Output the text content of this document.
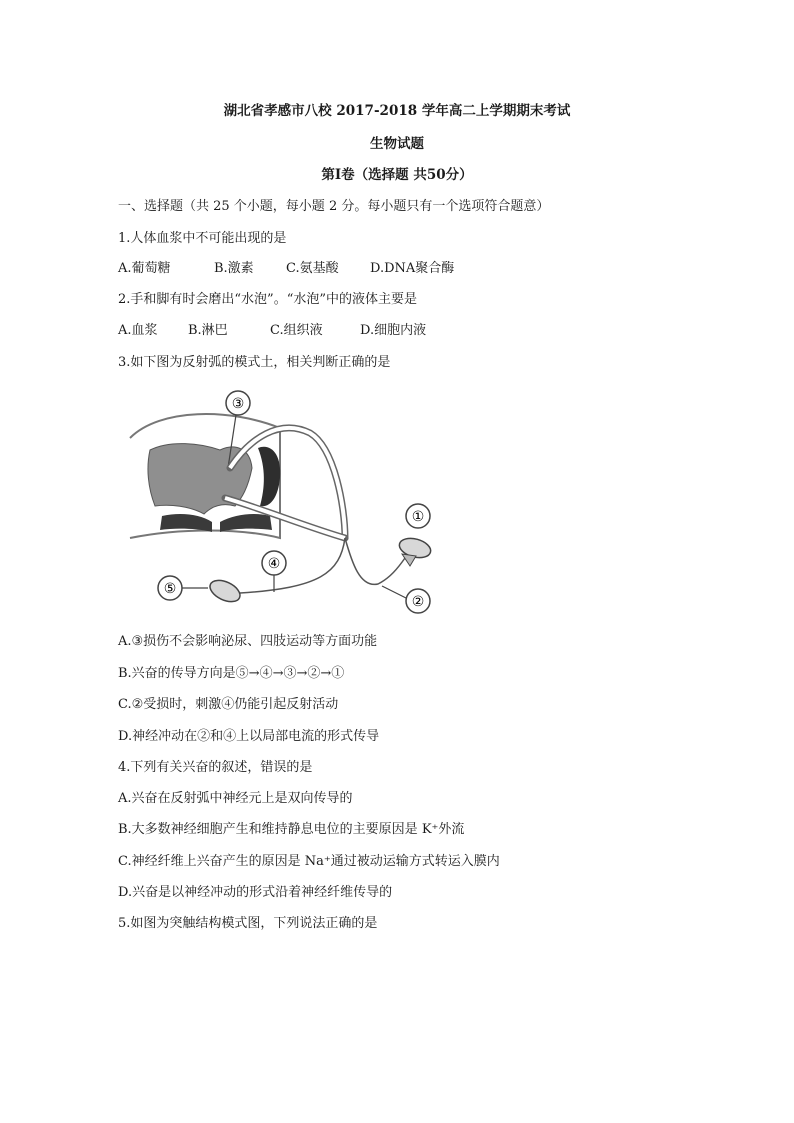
湖北省孝感市八校 2017-2018 学年高二上学期期末考试
生物试题
第Ⅰ卷（选择题 共50分）
一、选择题（共 25 个小题，每小题 2 分。每小题只有一个选项符合题意）
1.人体血浆中不可能出现的是
A.葡萄糖	B.激素 C.氨基酸 D.DNA聚合酶
2.手和脚有时会磨出“水泡”。“水泡”中的液体主要是
A.血浆 B.淋巴	C.组织液	D.细胞内液
3.如下图为反射弧的模式土，相关判断正确的是
③
①
④
⑤
②
A.③损伤不会影响泌尿、四肢运动等方面功能
B.兴奋的传导方向是⑤→④→③→②→①
C.②受损时，刺激④仍能引起反射活动
D.神经冲动在②和④上以局部电流的形式传导
4.下列有关兴奋的叙述，错误的是
A.兴奋在反射弧中神经元上是双向传导的
B.大多数神经细胞产生和维持静息电位的主要原因是 K⁺外流
C.神经纤维上兴奋产生的原因是 Na⁺通过被动运输方式转运入膜内
D.兴奋是以神经冲动的形式沿着神经纤维传导的
5.如图为突触结构模式图，下列说法正确的是
